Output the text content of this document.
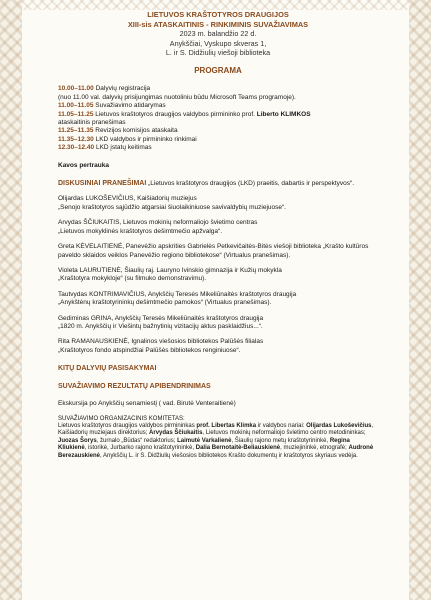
LIETUVOS KRAŠTOTYROS DRAUGIJOS
XIII-sis ATASKAITINIS - RINKIMINIS SUVAŽIAVIMAS
2023 m. balandžio 22 d.
Anykščiai, Vyskupo skveras 1,
L. ir S. Didžiulių viešoji biblioteka
PROGRAMA
10.00–11.00 Dalyvių registracija
(nuo 11.00 val. dalyvių prisijungimas nuotoliniu būdu Microsoft Teams programoje).
11.00–11.05 Suvažiavimo atidarymas
11.05–11.25 Lietuvos kraštotyros draugijos valdybos pirmininko prof. Liberto KLIMKOS
ataskaitinis pranešimas
11.25–11.35 Revizijos komisijos ataskaita
11.35–12.30 LKD valdybos ir pirmininko rinkimai
12.30–12.40 LKD įstatų keitimas
Kavos pertrauka
DISKUSINIAI PRANEŠIMAI „Lietuvos kraštotyros draugijos (LKD) praeitis, dabartis ir perspektyvos“.
Olijardas LUKOŠEVIČIUS, Kaišiadorių muziejus
„Senojo kraštotyros sąjūdžio atgarsiai šiuolaikiniuose savivaldybių muziejuose“.
Arvydas ŠČIUKAITIS, Lietuvos mokinių neformaliojo švietimo centras
„Lietuvos mokyklinės kraštotyros dešimtmečio apžvalga“.
Greta KĖVELAITIENĖ, Panevėžio apskrities Gabrielės Petkevičaitės-Bitės viešoji biblioteka „Krašto kultūros paveldo sklaidos veiklos Panevėžio regiono bibliotekose“ (Virtualus pranešimas).
Violeta LAURUTIENĖ, Šiaulių raj. Lauryno Ivinskio gimnazija ir Kužių mokykla
„Kraštotyra mokykloje“ (su filmuko demonstravimu).
Tautvydas KONTRIMAVIČIUS, Anykščių Teresės Mikeliūnaitės kraštotyros draugija
„Anykštėnų kraštotyrininkų dešimtmečio pamokos“ (Virtualus pranešimas).
Gediminas GRINA, Anykščių Teresės Mikeliūnaitės kraštotyros draugija
„1820 m. Anykščių ir Viešintų bažnytinių vizitacijų aktus pasklaidžius...“.
Rita RAMANAUSKIENĖ, Ignalinos viešosios bibliotekos Palūšės filialas
„Kraštotyros fondo atspindžiai Palūšės bibliotekos renginiuose“.
KITŲ DALYVIŲ PASISAKYMAI
SUVAŽIAVIMO REZULTATŲ APIBENDRINIMAS
Ekskursija po Anykščių senamiestį ( vad. Birutė Venteraitienė)
SUVAŽIAVIMO ORGANIZACINIS KOMITETAS:
Lietuvos kraštotyros draugijos valdybos pirmininkas prof. Libertas Klimka ir valdybos nariai: Olijardas Lukoševičius, Kaišiadorių muziejaus direktorius; Arvydas Ščiukaitis, Lietuvos mokinių neformaliojo švietimo centro metodininkas; Juozas Šorys, žurnalo „Būdas“ redaktorius; Laimutė Varkalienė, Šiaulių rajono metų kraštotyrininkė, Regina Kliukienė, istorikė, Jurbarko rajono kraštotyrininkė, Dalia Bernotaitė-Beliauskienė, muziejininkė, etnografė; Audronė Berezauskienė, Anykščių L. ir S. Didžiulių viešosios bibliotekos Krašto dokumentų ir kraštotyros skyriaus vedėja.
